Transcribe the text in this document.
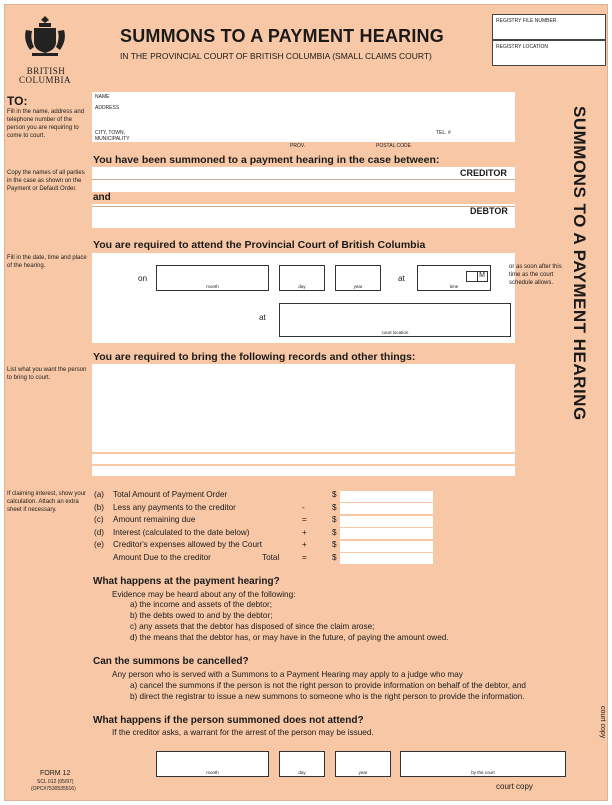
BRITISH
COLUMBIA
SUMMONS TO A PAYMENT HEARING
IN THE PROVINCIAL COURT OF BRITISH COLUMBIA (SMALL CLAIMS COURT)
REGISTRY FILE NUMBER
REGISTRY LOCATION
TO:
Fill in the name, address and telephone number of the person you are requiring to come to court.
NAME
ADDRESS
CITY, TOWN, MUNICIPALITY
TEL. #
PROV.	POSTAL CODE
Copy the names of all parties in the case as shown on the Payment or Default Order.
You have been summoned to a payment hearing in the case between:
CREDITOR
and
DEBTOR
Fill in the date, time and place of the hearing.
You are required to attend the Provincial Court of British Columbia
on
month	day	year
at
time
M
or as soon after this time as the court schedule allows.
at
court location
List what you want the person to bring to court.
You are required to bring the following records and other things:
If claiming interest, show your calculation. Attach an extra sheet if necessary.
(a) Total Amount of Payment Order	$
(b) Less any payments to the creditor	-	$
(c) Amount remaining due	=	$
(d) Interest (calculated to the date below)	+	$
(e) Creditor's expenses allowed by the Court	+	$
Amount Due to the creditor	Total	=	$
What happens at the payment hearing?
Evidence may be heard about any of the following:
a) the income and assets of the debtor;
b) the debts owed to and by the debtor;
c) any assets that the debtor has disposed of since the claim arose;
d) the means that the debtor has, or may have in the future, of paying the amount owed.
Can the summons be cancelled?
Any person who is served with a Summons to a Payment Hearing may apply to a judge who may
a) cancel the summons if the person is not the right person to provide information on behalf of the debtor, and
b) direct the registrar to issue a new summons to someone who is the right person to provide the information.
What happens if the person summoned does not attend?
If the creditor asks, a warrant for the arrest of the person may be issued.
FORM 12
SCL 012 (05/97)
(OPC#7530535516)
month	day	year	by the court
court copy
